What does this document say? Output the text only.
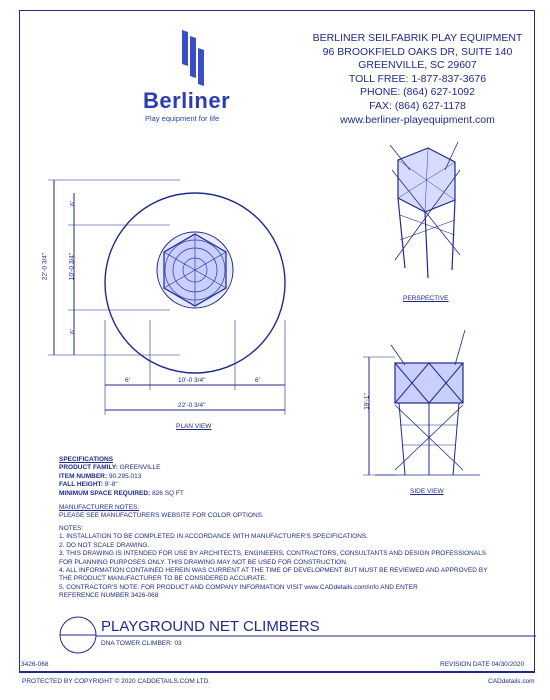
Berliner
Play equipment for life
BERLINER SEILFABRIK PLAY EQUIPMENT
96 BROOKFIELD OAKS DR, SUITE 140
GREENVILLE, SC 29607
TOLL FREE: 1-877-837-3676
PHONE: (864) 627-1092
FAX: (864) 627-1178
www.berliner-playequipment.com
22'-0 3/4"
6'
10'-0 3/4"
6'
6'	10'-0 3/4"	6'
22'-0 3/4"
PLAN VIEW
PERSPECTIVE
19'-1"
SIDE VIEW
SPECIFICATIONS
PRODUCT FAMILY: GREENVILLE
ITEM NUMBER: 90.295.013
FALL HEIGHT: 9'-8"
MINIMUM SPACE REQUIRED: 826 SQ FT
MANUFACTURER NOTES:
PLEASE SEE MANUFACTURERS WEBSITE FOR COLOR OPTIONS.
NOTES:
1. INSTALLATION TO BE COMPLETED IN ACCORDANCE WITH MANUFACTURER'S SPECIFICATIONS.
2. DO NOT SCALE DRAWING.
3. THIS DRAWING IS INTENDED FOR USE BY ARCHITECTS, ENGINEERS, CONTRACTORS, CONSULTANTS AND DESIGN PROFESSIONALS
FOR PLANNING PURPOSES ONLY. THIS DRAWING MAY NOT BE USED FOR CONSTRUCTION.
4. ALL INFORMATION CONTAINED HEREIN WAS CURRENT AT THE TIME OF DEVELOPMENT BUT MUST BE REVIEWED AND APPROVED BY
THE PRODUCT MANUFACTURER TO BE CONSIDERED ACCURATE.
5. CONTRACTOR'S NOTE: FOR PRODUCT AND COMPANY INFORMATION VISIT www.CADdetails.com/info AND ENTER
REFERENCE NUMBER 3426-068
PLAYGROUND NET CLIMBERS
DNA TOWER CLIMBER: 03
3426-068	REVISION DATE 04/30/2020
PROTECTED BY COPYRIGHT © 2020 CADDETAILS.COM LTD.	CADdetails.com
